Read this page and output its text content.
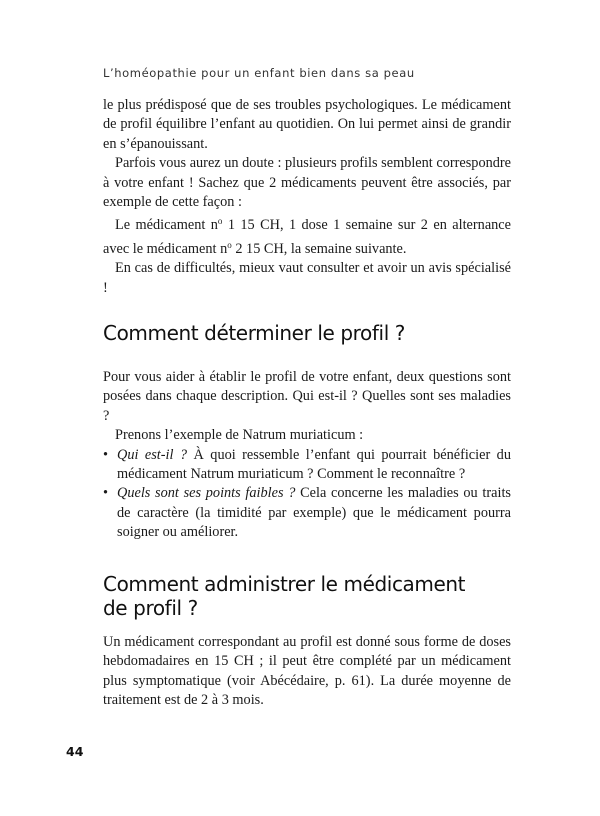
L’homéopathie pour un enfant bien dans sa peau

le plus prédisposé que de ses troubles psychologiques. Le médicament de profil équilibre l’enfant au quotidien. On lui permet ainsi de grandir en s’épanouissant.

Parfois vous aurez un doute : plusieurs profils semblent correspondre à votre enfant ! Sachez que 2 médicaments peuvent être associés, par exemple de cette façon :

Le médicament $n^o$ 1 15 CH, 1 dose 1 semaine sur 2 en alternance avec le médicament $n^o$ 2 15 CH, la semaine suivante.

En cas de difficultés, mieux vaut consulter et avoir un avis spécialisé !

Comment déterminer le profil ?

Pour vous aider à établir le profil de votre enfant, deux questions sont posées dans chaque description. Qui est-il ? Quelles sont ses maladies ?

Prenons l’exemple de Natrum muriaticum :

• Qui est-il ? À quoi ressemble l’enfant qui pourrait bénéficier du médicament Natrum muriaticum ? Comment le reconnaître ?
• Quels sont ses points faibles ? Cela concerne les maladies ou traits de caractère (la timidité par exemple) que le médicament pourra soigner ou améliorer.
Comment administrer le médicament
de profil ?

Un médicament correspondant au profil est donné sous forme de doses hebdomadaires en 15 CH ; il peut être complété par un médicament plus symptomatique (voir Abécédaire, p. 61). La durée moyenne de traitement est de 2 à 3 mois.

44
